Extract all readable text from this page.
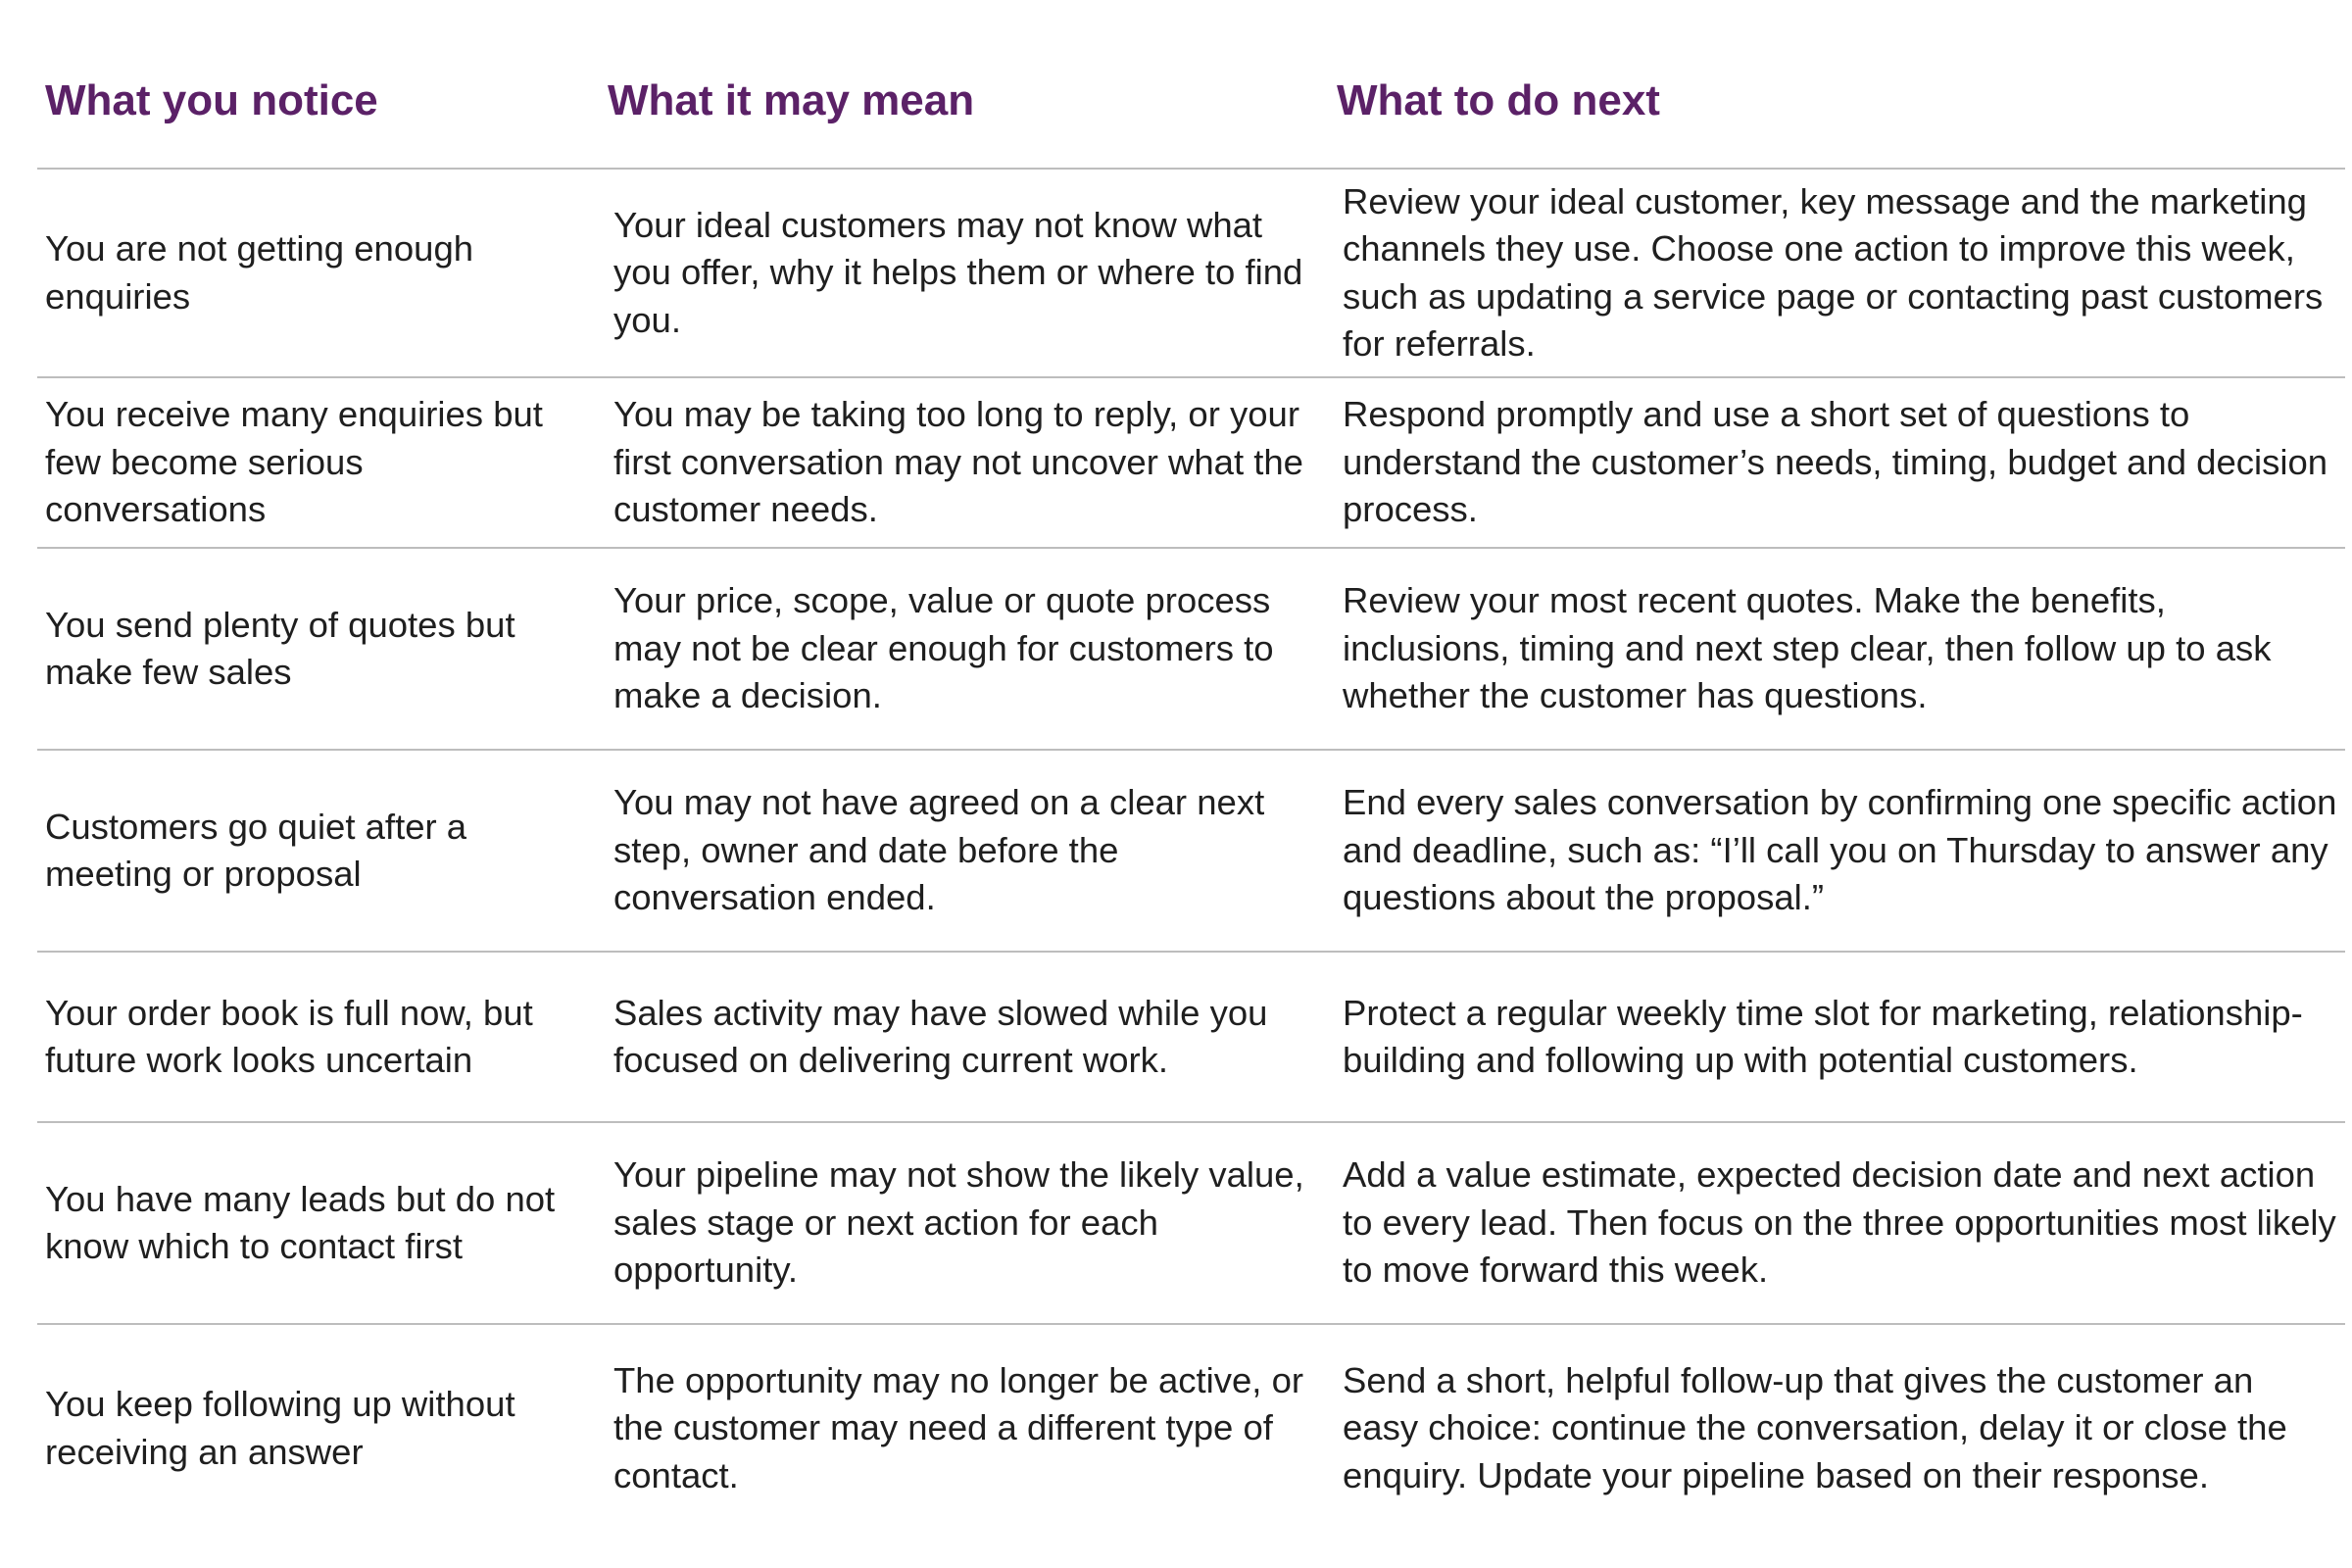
What you notice	What it may mean	What to do next
You are not getting enough enquiries
Your ideal customers may not know what you offer, why it helps them or where to find you.
Review your ideal customer, key message and the marketing channels they use. Choose one action to improve this week, such as updating a service page or contacting past customers for referrals.
You receive many enquiries but few become serious conversations
You may be taking too long to reply, or your first conversation may not uncover what the customer needs.
Respond promptly and use a short set of questions to understand the customer’s needs, timing, budget and decision process.
You send plenty of quotes but make few sales
Your price, scope, value or quote process may not be clear enough for customers to make a decision.
Review your most recent quotes. Make the benefits, inclusions, timing and next step clear, then follow up to ask whether the customer has questions.
Customers go quiet after a meeting or proposal
You may not have agreed on a clear next step, owner and date before the conversation ended.
End every sales conversation by confirming one specific action and deadline, such as: “I’ll call you on Thursday to answer any questions about the proposal.”
Your order book is full now, but future work looks uncertain
Sales activity may have slowed while you focused on delivering current work.
Protect a regular weekly time slot for marketing, relationship-building and following up with potential customers.
You have many leads but do not know which to contact first
Your pipeline may not show the likely value, sales stage or next action for each opportunity.
Add a value estimate, expected decision date and next action to every lead. Then focus on the three opportunities most likely to move forward this week.
You keep following up without receiving an answer
The opportunity may no longer be active, or the customer may need a different type of contact.
Send a short, helpful follow-up that gives the customer an easy choice: continue the conversation, delay it or close the enquiry. Update your pipeline based on their response.
